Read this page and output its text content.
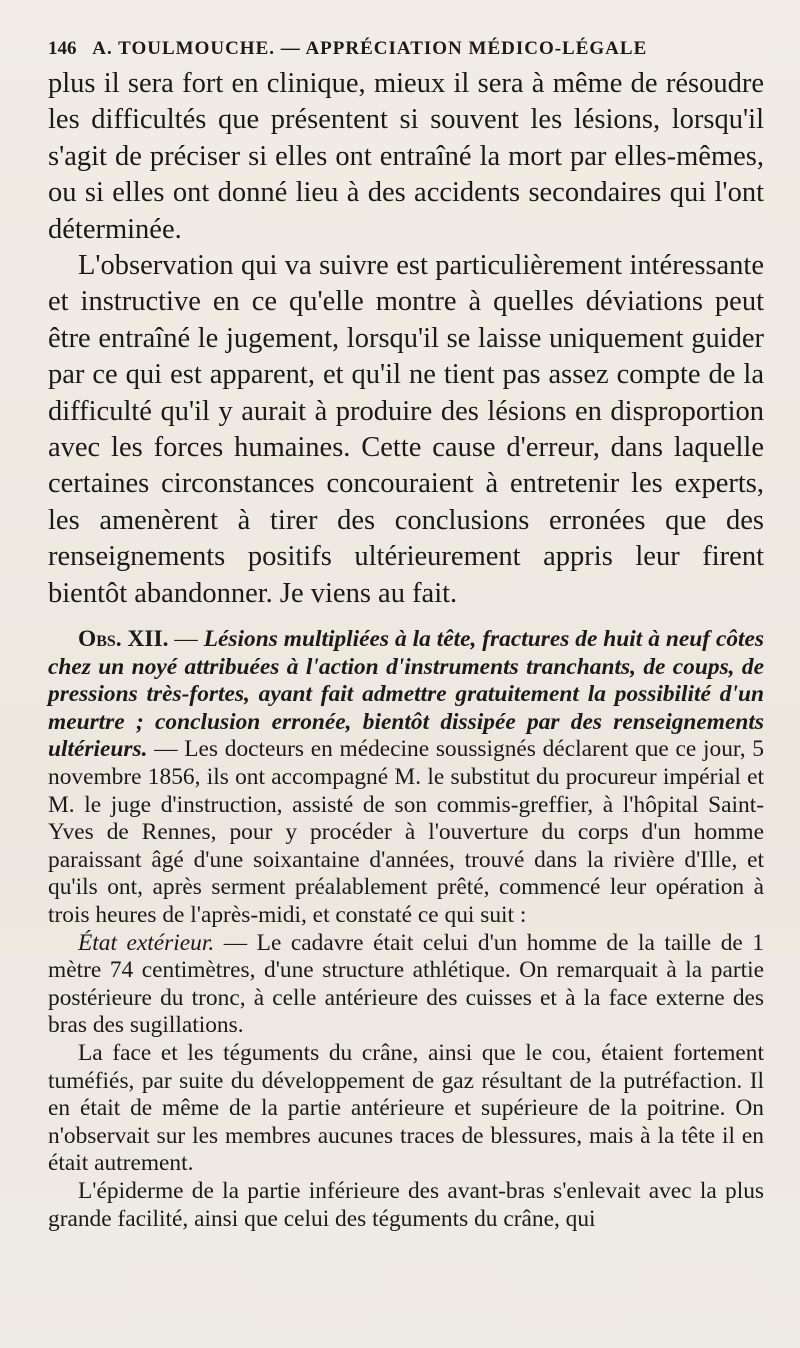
146 A. TOULMOUCHE. — APPRÉCIATION MÉDICO-LÉGALE

plus il sera fort en clinique, mieux il sera à même de résoudre les difficultés que présentent si souvent les lésions, lorsqu'il s'agit de préciser si elles ont entraîné la mort par elles-mêmes, ou si elles ont donné lieu à des accidents secondaires qui l'ont déterminée.

L'observation qui va suivre est particulièrement intéressante et instructive en ce qu'elle montre à quelles déviations peut être entraîné le jugement, lorsqu'il se laisse uniquement guider par ce qui est apparent, et qu'il ne tient pas assez compte de la difficulté qu'il y aurait à produire des lésions en disproportion avec les forces humaines. Cette cause d'erreur, dans laquelle certaines circonstances concouraient à entretenir les experts, les amenèrent à tirer des conclusions erronées que des renseignements positifs ultérieurement appris leur firent bientôt abandonner. Je viens au fait.

Obs. XII. — Lésions multipliées à la tête, fractures de huit à neuf côtes chez un noyé attribuées à l'action d'instruments tranchants, de coups, de pressions très-fortes, ayant fait admettre gratuitement la possibilité d'un meurtre ; conclusion erronée, bientôt dissipée par des renseignements ultérieurs. — Les docteurs en médecine soussignés déclarent que ce jour, 5 novembre 1856, ils ont accompagné M. le substitut du procureur impérial et M. le juge d'instruction, assisté de son commis-greffier, à l'hôpital Saint-Yves de Rennes, pour y procéder à l'ouverture du corps d'un homme paraissant âgé d'une soixantaine d'années, trouvé dans la rivière d'Ille, et qu'ils ont, après serment préalablement prêté, commencé leur opération à trois heures de l'après-midi, et constaté ce qui suit :

État extérieur. — Le cadavre était celui d'un homme de la taille de 1 mètre 74 centimètres, d'une structure athlétique. On remarquait à la partie postérieure du tronc, à celle antérieure des cuisses et à la face externe des bras des sugillations.

La face et les téguments du crâne, ainsi que le cou, étaient fortement tuméfiés, par suite du développement de gaz résultant de la putréfaction. Il en était de même de la partie antérieure et supérieure de la poitrine. On n'observait sur les membres aucunes traces de blessures, mais à la tête il en était autrement.

L'épiderme de la partie inférieure des avant-bras s'enlevait avec la plus grande facilité, ainsi que celui des téguments du crâne, qui
